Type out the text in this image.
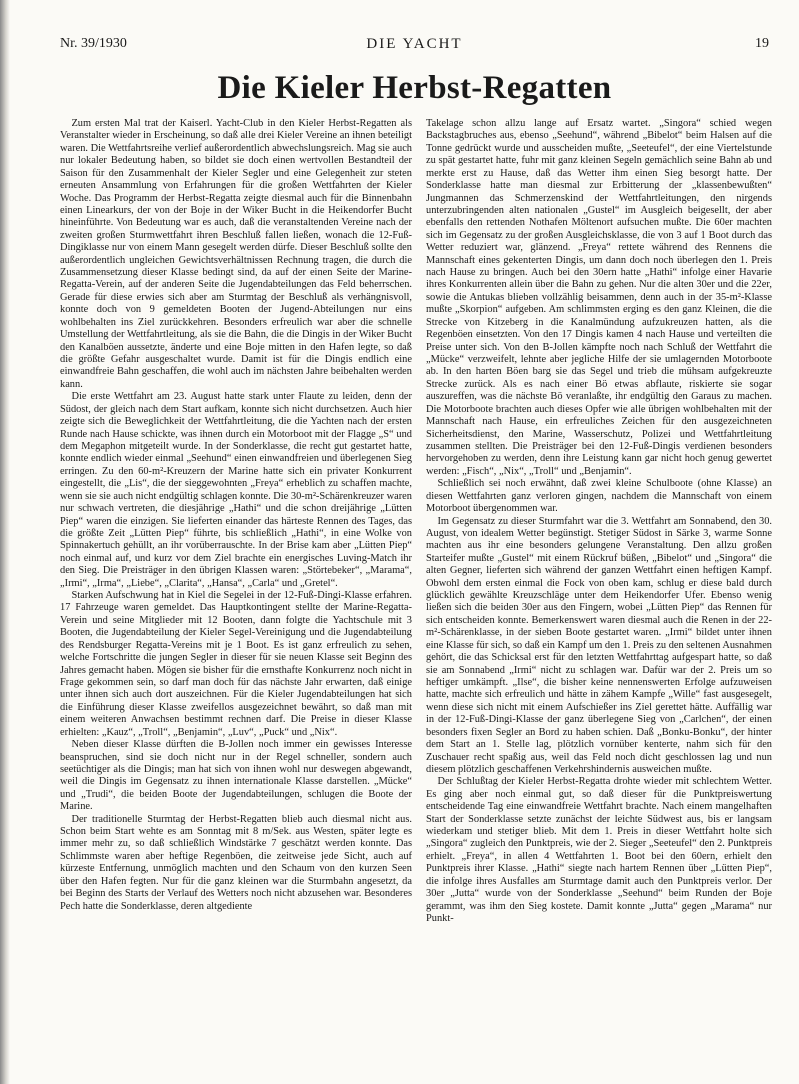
Nr. 39/1930	DIE YACHT	19
Die Kieler Herbst-Regatten

Zum ersten Mal trat der Kaiserl. Yacht-Club in den Kieler Herbst-Regatten als Veranstalter wieder in Erscheinung, so daß alle drei Kieler Vereine an ihnen beteiligt waren. Die Wettfahrtsreihe verlief außerordentlich abwechslungsreich. Mag sie auch nur lokaler Bedeutung haben, so bildet sie doch einen wertvollen Bestandteil der Saison für den Zusammenhalt der Kieler Segler und eine Gelegenheit zur steten erneuten Ansammlung von Erfahrungen für die großen Wettfahrten der Kieler Woche. Das Programm der Herbst-Regatta zeigte diesmal auch für die Binnenbahn einen Linearkurs, der von der Boje in der Wiker Bucht in die Heikendorfer Bucht hineinführte. Von Bedeutung war es auch, daß die veranstaltenden Vereine nach der zweiten großen Sturmwettfahrt ihren Beschluß fallen ließen, wonach die 12-Fuß-Dingiklasse nur von einem Mann gesegelt werden dürfe. Dieser Beschluß sollte den außerordentlich ungleichen Gewichtsverhältnissen Rechnung tragen, die durch die Zusammensetzung dieser Klasse bedingt sind, da auf der einen Seite der Marine-Regatta-Verein, auf der anderen Seite die Jugendabteilungen das Feld beherrschen. Gerade für diese erwies sich aber am Sturmtag der Beschluß als verhängnisvoll, konnte doch von 9 gemeldeten Booten der Jugend-Abteilungen nur eins wohlbehalten ins Ziel zurückkehren. Besonders erfreulich war aber die schnelle Umstellung der Wettfahrtleitung, als sie die Bahn, die die Dingis in der Wiker Bucht den Kanalböen aussetzte, änderte und eine Boje mitten in den Hafen legte, so daß die größte Gefahr ausgeschaltet wurde. Damit ist für die Dingis endlich eine einwandfreie Bahn geschaffen, die wohl auch im nächsten Jahre beibehalten werden kann.

Die erste Wettfahrt am 23. August hatte stark unter Flaute zu leiden, denn der Südost, der gleich nach dem Start aufkam, konnte sich nicht durchsetzen. Auch hier zeigte sich die Beweglichkeit der Wettfahrtleitung, die die Yachten nach der ersten Runde nach Hause schickte, was ihnen durch ein Motorboot mit der Flagge „S“ und dem Megaphon mitgeteilt wurde. In der Sonderklasse, die recht gut gestartet hatte, konnte endlich wieder einmal „Seehund“ einen einwandfreien und überlegenen Sieg erringen. Zu den 60-m²-Kreuzern der Marine hatte sich ein privater Konkurrent eingestellt, die „Lis“, die der sieggewohnten „Freya“ erheblich zu schaffen machte, wenn sie sie auch nicht endgültig schlagen konnte. Die 30-m²-Schärenkreuzer waren nur schwach vertreten, die diesjährige „Hathi“ und die schon dreijährige „Lütten Piep“ waren die einzigen. Sie lieferten einander das härteste Rennen des Tages, das die größte Zeit „Lütten Piep“ führte, bis schließlich „Hathi“, in eine Wolke von Spinnakertuch gehüllt, an ihr vorüberrauschte. In der Brise kam aber „Lütten Piep“ noch einmal auf, und kurz vor dem Ziel brachte ein energisches Luving-Match ihr den Sieg. Die Preisträger in den übrigen Klassen waren: „Störtebeker“, „Marama“, „Irmi“, „Irma“, „Liebe“, „Clarita“, „Hansa“, „Carla“ und „Gretel“.

Starken Aufschwung hat in Kiel die Segelei in der 12-Fuß-Dingi-Klasse erfahren. 17 Fahrzeuge waren gemeldet. Das Hauptkontingent stellte der Marine-Regatta-Verein und seine Mitglieder mit 12 Booten, dann folgte die Yachtschule mit 3 Booten, die Jugendabteilung der Kieler Segel-Vereinigung und die Jugendabteilung des Rendsburger Regatta-Vereins mit je 1 Boot. Es ist ganz erfreulich zu sehen, welche Fortschritte die jungen Segler in dieser für sie neuen Klasse seit Beginn des Jahres gemacht haben. Mögen sie bisher für die ernsthafte Konkurrenz noch nicht in Frage gekommen sein, so darf man doch für das nächste Jahr erwarten, daß einige unter ihnen sich auch dort auszeichnen. Für die Kieler Jugendabteilungen hat sich die Einführung dieser Klasse zweifellos ausgezeichnet bewährt, so daß man mit einem weiteren Anwachsen bestimmt rechnen darf. Die Preise in dieser Klasse erhielten: „Kauz“, „Troll“, „Benjamin“, „Luv“, „Puck“ und „Nix“.

Neben dieser Klasse dürften die B-Jollen noch immer ein gewisses Interesse beanspruchen, sind sie doch nicht nur in der Regel schneller, sondern auch seetüchtiger als die Dingis; man hat sich von ihnen wohl nur deswegen abgewandt, weil die Dingis im Gegensatz zu ihnen internationale Klasse darstellen. „Mücke“ und „Trudi“, die beiden Boote der Jugendabteilungen, schlugen die Boote der Marine.

Der traditionelle Sturmtag der Herbst-Regatten blieb auch diesmal nicht aus. Schon beim Start wehte es am Sonntag mit 8 m/Sek. aus Westen, später legte es immer mehr zu, so daß schließlich Windstärke 7 geschätzt werden konnte. Das Schlimmste waren aber heftige Regenböen, die zeitweise jede Sicht, auch auf kürzeste Entfernung, unmöglich machten und den Schaum von den kurzen Seen über den Hafen fegten. Nur für die ganz kleinen war die Sturmbahn angesetzt, da bei Beginn des Starts der Verlauf des Wetters noch nicht abzusehen war. Besonderes Pech hatte die Sonderklasse, deren altgediente

Takelage schon allzu lange auf Ersatz wartet. „Singora“ schied wegen Backstagbruches aus, ebenso „Seehund“, während „Bibelot“ beim Halsen auf die Tonne gedrückt wurde und ausscheiden mußte, „Seeteufel“, der eine Viertelstunde zu spät gestartet hatte, fuhr mit ganz kleinen Segeln gemächlich seine Bahn ab und merkte erst zu Hause, daß das Wetter ihm einen Sieg besorgt hatte. Der Sonderklasse hatte man diesmal zur Erbitterung der „klassenbewußten“ Jungmannen das Schmerzenskind der Wettfahrtleitungen, den nirgends unterzubringenden alten nationalen „Gustel“ im Ausgleich beigesellt, der aber ebenfalls den rettenden Nothafen Möltenort aufsuchen mußte. Die 60er machten sich im Gegensatz zu der großen Ausgleichsklasse, die von 3 auf 1 Boot durch das Wetter reduziert war, glänzend. „Freya“ rettete während des Rennens die Mannschaft eines gekenterten Dingis, um dann doch noch überlegen den 1. Preis nach Hause zu bringen. Auch bei den 30ern hatte „Hathi“ infolge einer Havarie ihres Konkurrenten allein über die Bahn zu gehen. Nur die alten 30er und die 22er, sowie die Antukas blieben vollzählig beisammen, denn auch in der 35-m²-Klasse mußte „Skorpion“ aufgeben. Am schlimmsten erging es den ganz Kleinen, die die Strecke von Kitzeberg in die Kanalmündung aufzukreuzen hatten, als die Regenböen einsetzten. Von den 17 Dingis kamen 4 nach Hause und verteilten die Preise unter sich. Von den B-Jollen kämpfte noch nach Schluß der Wettfahrt die „Mücke“ verzweifelt, lehnte aber jegliche Hilfe der sie umlagernden Motorboote ab. In den harten Böen barg sie das Segel und trieb die mühsam aufgekreuzte Strecke zurück. Als es nach einer Bö etwas abflaute, riskierte sie sogar auszureffen, was die nächste Bö veranlaßte, ihr endgültig den Garaus zu machen. Die Motorboote brachten auch dieses Opfer wie alle übrigen wohlbehalten mit der Mannschaft nach Hause, ein erfreuliches Zeichen für den ausgezeichneten Sicherheitsdienst, den Marine, Wasserschutz, Polizei und Wettfahrtleitung zusammen stellten. Die Preisträger bei den 12-Fuß-Dingis verdienen besonders hervorgehoben zu werden, denn ihre Leistung kann gar nicht hoch genug gewertet werden: „Fisch“, „Nix“, „Troll“ und „Benjamin“.

Schließlich sei noch erwähnt, daß zwei kleine Schulboote (ohne Klasse) an diesen Wettfahrten ganz verloren gingen, nachdem die Mannschaft von einem Motorboot übergenommen war.

Im Gegensatz zu dieser Sturmfahrt war die 3. Wettfahrt am Sonnabend, den 30. August, von idealem Wetter begünstigt. Stetiger Südost in Särke 3, warme Sonne machten aus ihr eine besonders gelungene Veranstaltung. Den allzu großen Starteifer mußte „Gustel“ mit einem Rückruf büßen, „Bibelot“ und „Singora“ die alten Gegner, lieferten sich während der ganzen Wettfahrt einen heftigen Kampf. Obwohl dem ersten einmal die Fock von oben kam, schlug er diese bald durch glücklich gewählte Kreuzschläge unter dem Heikendorfer Ufer. Ebenso wenig ließen sich die beiden 30er aus den Fingern, wobei „Lütten Piep“ das Rennen für sich entscheiden konnte. Bemerkenswert waren diesmal auch die Renen in der 22-m²-Schärenklasse, in der sieben Boote gestartet waren. „Irmi“ bildet unter ihnen eine Klasse für sich, so daß ein Kampf um den 1. Preis zu den seltenen Ausnahmen gehört, die das Schicksal erst für den letzten Wettfahrttag aufgespart hatte, so daß sie am Sonnabend „Irmi“ nicht zu schlagen war. Dafür war der 2. Preis um so heftiger umkämpft. „Ilse“, die bisher keine nennenswerten Erfolge aufzuweisen hatte, machte sich erfreulich und hätte in zähem Kampfe „Wille“ fast ausgesegelt, wenn diese sich nicht mit einem Aufschießer ins Ziel gerettet hätte. Auffällig war in der 12-Fuß-Dingi-Klasse der ganz überlegene Sieg von „Carlchen“, der einen besonders fixen Segler an Bord zu haben schien. Daß „Bonku-Bonku“, der hinter dem Start an 1. Stelle lag, plötzlich vornüber kenterte, nahm sich für den Zuschauer recht spaßig aus, weil das Feld noch dicht geschlossen lag und nun diesem plötzlich geschaffenen Verkehrshindernis ausweichen mußte.

Der Schlußtag der Kieler Herbst-Regatta drohte wieder mit schlechtem Wetter. Es ging aber noch einmal gut, so daß dieser für die Punktpreiswertung entscheidende Tag eine einwandfreie Wettfahrt brachte. Nach einem mangelhaften Start der Sonderklasse setzte zunächst der leichte Südwest aus, bis er langsam wiederkam und stetiger blieb. Mit dem 1. Preis in dieser Wettfahrt holte sich „Singora“ zugleich den Punktpreis, wie der 2. Sieger „Seeteufel“ den 2. Punktpreis erhielt. „Freya“, in allen 4 Wettfahrten 1. Boot bei den 60ern, erhielt den Punktpreis ihrer Klasse. „Hathi“ siegte nach hartem Rennen über „Lütten Piep“, die infolge ihres Ausfalles am Sturmtage damit auch den Punktpreis verlor. Der 30er „Jutta“ wurde von der Sonderklasse „Seehund“ beim Runden der Boje gerammt, was ihm den Sieg kostete. Damit konnte „Jutta“ gegen „Marama“ nur Punkt-
